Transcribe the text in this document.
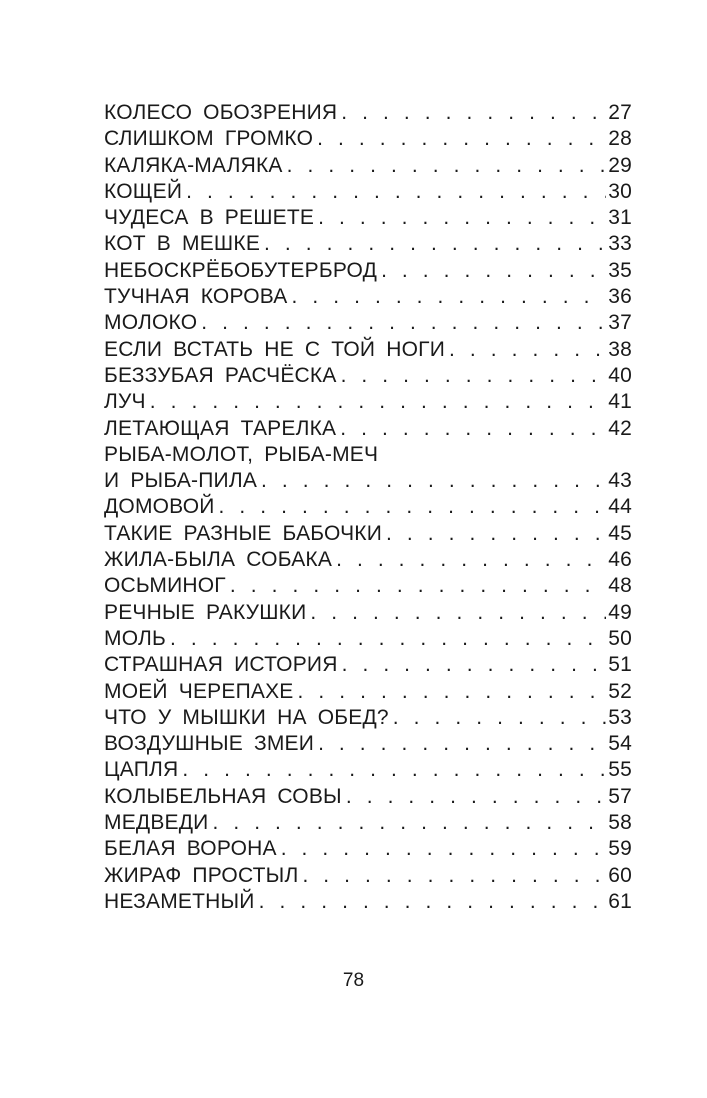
КОЛЕСО ОБОЗРЕНИЯ . . .	27
СЛИШКОМ ГРОМКО . . .	28
КАЛЯКА-МАЛЯКА . . .	29
КОЩЕЙ . . .	30
ЧУДЕСА В РЕШЕТЕ . . .	31
КОТ В МЕШКЕ . . .	33
НЕБОСКРЁБОБУТЕРБРОД . . .	35
ТУЧНАЯ КОРОВА . . .	36
МОЛОКО . . .	37
ЕСЛИ ВСТАТЬ НЕ С ТОЙ НОГИ . . .	38
БЕЗЗУБАЯ РАСЧЁСКА . . .	40
ЛУЧ . . .	41
ЛЕТАЮЩАЯ ТАРЕЛКА . . .	42
РЫБА-МОЛОТ, РЫБА-МЕЧ
И РЫБА-ПИЛА . . .	43
ДОМОВОЙ . . .	44
ТАКИЕ РАЗНЫЕ БАБОЧКИ . . .	45
ЖИЛА-БЫЛА СОБАКА . . .	46
ОСЬМИНОГ . . .	48
РЕЧНЫЕ РАКУШКИ . . .	49
МОЛЬ . . .	50
СТРАШНАЯ ИСТОРИЯ . . .	51
МОЕЙ ЧЕРЕПАХЕ . . .	52
ЧТО У МЫШКИ НА ОБЕД? . . .	53
ВОЗДУШНЫЕ ЗМЕИ . . .	54
ЦАПЛЯ . . .	55
КОЛЫБЕЛЬНАЯ СОВЫ . . .	57
МЕДВЕДИ . . .	58
БЕЛАЯ ВОРОНА . . .	59
ЖИРАФ ПРОСТЫЛ . . .	60
НЕЗАМЕТНЫЙ . . .	61
78
